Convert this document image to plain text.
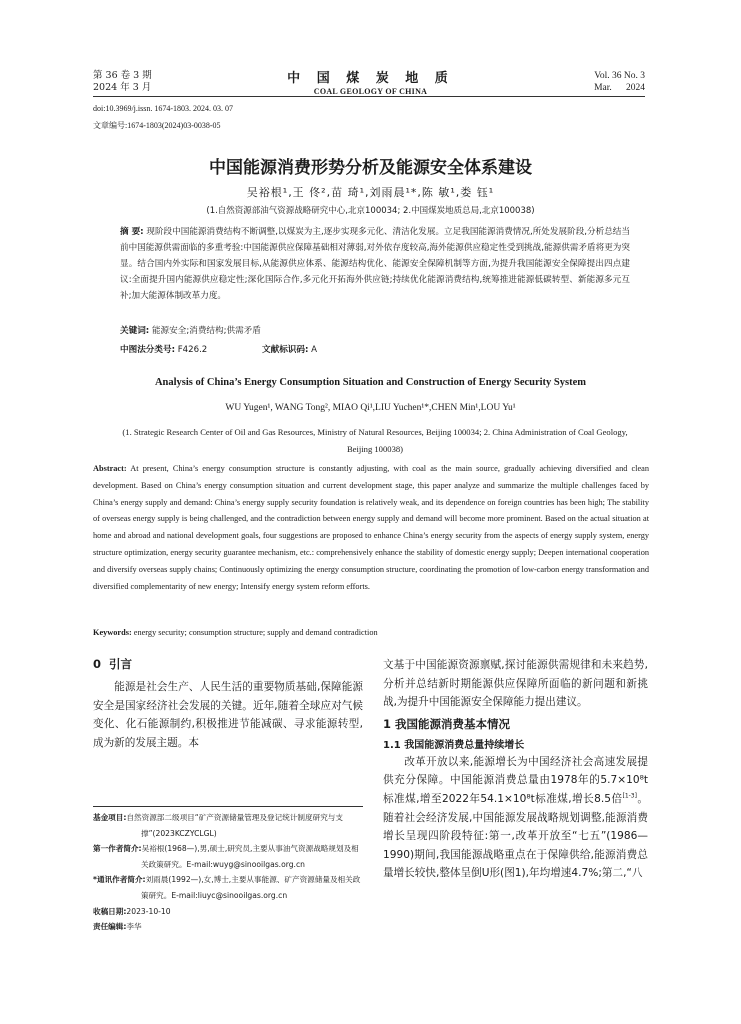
第 36 卷 3 期
2024 年 3 月
中 国 煤 炭 地 质
COAL GEOLOGY OF CHINA
Vol. 36 No. 3
Mar.      2024
doi:10.3969/j.issn. 1674-1803. 2024. 03. 07
文章编号:1674-1803(2024)03-0038-05
中国能源消费形势分析及能源安全体系建设
吴裕根¹,王 佟²,苗 琦¹,刘雨晨¹*,陈 敏¹,娄 钰¹
(1.自然资源部油气资源战略研究中心,北京100034; 2.中国煤炭地质总局,北京100038)
摘 要: 现阶段中国能源消费结构不断调整,以煤炭为主,逐步实现多元化、清洁化发展。立足我国能源消费情况,所处发展阶段,分析总结当前中国能源供需面临的多重考验:中国能源供应保障基础相对薄弱,对外依存度较高,海外能源供应稳定性受到挑战,能源供需矛盾将更为突显。结合国内外实际和国家发展目标,从能源供应体系、能源结构优化、能源安全保障机制等方面,为提升我国能源安全保障提出四点建议:全面提升国内能源供应稳定性;深化国际合作,多元化开拓海外供应链;持续优化能源消费结构,统筹推进能源低碳转型、新能源多元互补;加大能源体制改革力度。
关键词: 能源安全;消费结构;供需矛盾
中图法分类号: F426.2	文献标识码: A
Analysis of China’s Energy Consumption Situation and Construction of Energy Security System
WU Yugen¹, WANG Tong², MIAO Qi¹,LIU Yuchen¹*,CHEN Min¹,LOU Yu¹
(1. Strategic Research Center of Oil and Gas Resources, Ministry of Natural Resources, Beijing 100034; 2. China Administration of Coal Geology, Beijing 100038)
Abstract: At present, China’s energy consumption structure is constantly adjusting, with coal as the main source, gradually achieving diversified and clean development. Based on China’s energy consumption situation and current development stage, this paper analyze and summarize the multiple challenges faced by China’s energy supply and demand: China’s energy supply security foundation is relatively weak, and its dependence on foreign countries has been high; The stability of overseas energy supply is being challenged, and the contradiction between energy supply and demand will become more prominent. Based on the actual situation at home and abroad and national development goals, four suggestions are proposed to enhance China’s energy security from the aspects of energy supply system, energy structure optimization, energy security guarantee mechanism, etc.: comprehensively enhance the stability of domestic energy supply; Deepen international cooperation and diversify overseas supply chains; Continuously optimizing the energy consumption structure, coordinating the promotion of low-carbon energy transformation and diversified complementarity of new energy; Intensify energy system reform efforts.
Keywords: energy security; consumption structure; supply and demand contradiction
0  引言
能源是社会生产、人民生活的重要物质基础,保障能源安全是国家经济社会发展的关键。近年,随着全球应对气候变化、化石能源制约,积极推进节能减碳、寻求能源转型,成为新的发展主题。本

基金项目:自然资源部二级项目“矿产资源储量管理及登记统计制度研究与支撑”(2023KCZYCLGL)

第一作者简介:吴裕根(1968—),男,硕士,研究员,主要从事油气资源战略规划及相关政策研究。E-mail:wuyg@sinooilgas.org.cn

*通讯作者简介:刘雨晨(1992—),女,博士,主要从事能源、矿产资源储量及相关政策研究。E-mail:liuyc@sinooilgas.org.cn

收稿日期:2023-10-10

责任编辑:李华

文基于中国能源资源禀赋,探讨能源供需规律和未来趋势,分析并总结新时期能源供应保障所面临的新问题和新挑战,为提升中国能源安全保障能力提出建议。
1 我国能源消费基本情况
1.1 我国能源消费总量持续增长
改革开放以来,能源增长为中国经济社会高速发展提供充分保障。中国能源消费总量由1978年的5.7×10⁸t标准煤,增至2022年54.1×10⁸t标准煤,增长8.5倍[1-3]。随着社会经济发展,中国能源发展战略规划调整,能源消费增长呈现四阶段特征:第一,改革开放至“七五”(1986—1990)期间,我国能源战略重点在于保障供给,能源消费总量增长较快,整体呈倒U形(图1),年均增速4.7%;第二,“八
